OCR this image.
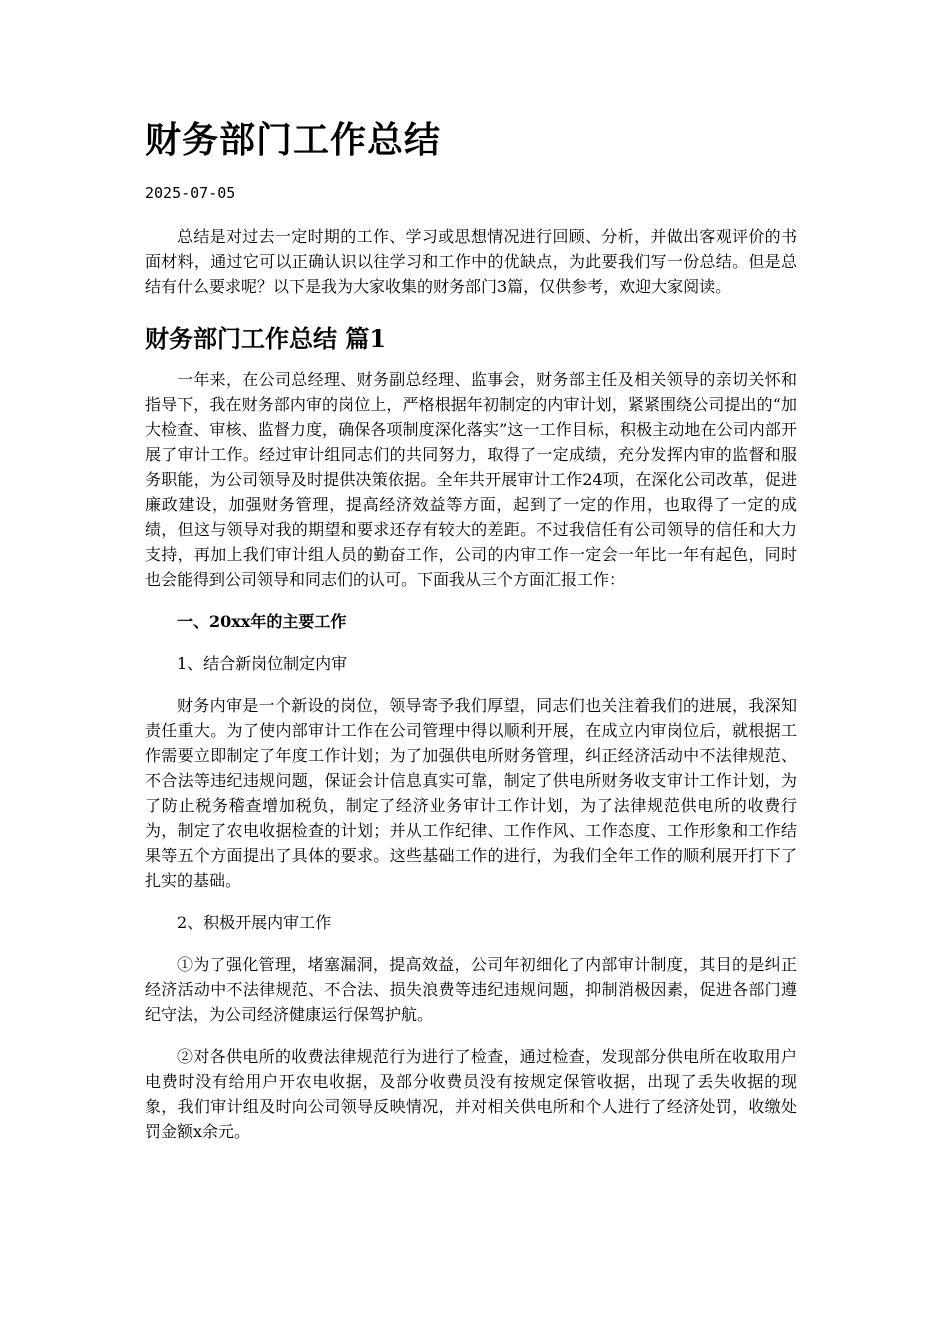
财务部门工作总结
2025-07-05

总结是对过去一定时期的工作、学习或思想情况进行回顾、分析，并做出客观评价的书面材料，通过它可以正确认识以往学习和工作中的优缺点，为此要我们写一份总结。但是总结有什么要求呢？以下是我为大家收集的财务部门3篇，仅供参考，欢迎大家阅读。

财务部门工作总结 篇1

一年来，在公司总经理、财务副总经理、监事会，财务部主任及相关领导的亲切关怀和指导下，我在财务部内审的岗位上，严格根据年初制定的内审计划，紧紧围绕公司提出的“加大检查、审核、监督力度，确保各项制度深化落实”这一工作目标，积极主动地在公司内部开展了审计工作。经过审计组同志们的共同努力，取得了一定成绩，充分发挥内审的监督和服务职能，为公司领导及时提供决策依据。全年共开展审计工作24项，在深化公司改革，促进廉政建设，加强财务管理，提高经济效益等方面，起到了一定的作用，也取得了一定的成绩，但这与领导对我的期望和要求还存有较大的差距。不过我信任有公司领导的信任和大力支持，再加上我们审计组人员的勤奋工作，公司的内审工作一定会一年比一年有起色，同时也会能得到公司领导和同志们的认可。下面我从三个方面汇报工作：

一、20xx年的主要工作
1、结合新岗位制定内审

财务内审是一个新设的岗位，领导寄予我们厚望，同志们也关注着我们的进展，我深知责任重大。为了使内部审计工作在公司管理中得以顺利开展，在成立内审岗位后，就根据工作需要立即制定了年度工作计划；为了加强供电所财务管理，纠正经济活动中不法律规范、不合法等违纪违规问题，保证会计信息真实可靠，制定了供电所财务收支审计工作计划，为了防止税务稽查增加税负，制定了经济业务审计工作计划，为了法律规范供电所的收费行为，制定了农电收据检查的计划；并从工作纪律、工作作风、工作态度、工作形象和工作结果等五个方面提出了具体的要求。这些基础工作的进行，为我们全年工作的顺利展开打下了扎实的基础。

2、积极开展内审工作

①为了强化管理，堵塞漏洞，提高效益，公司年初细化了内部审计制度，其目的是纠正经济活动中不法律规范、不合法、损失浪费等违纪违规问题，抑制消极因素，促进各部门遵纪守法，为公司经济健康运行保驾护航。

②对各供电所的收费法律规范行为进行了检查，通过检查，发现部分供电所在收取用户电费时没有给用户开农电收据，及部分收费员没有按规定保管收据，出现了丢失收据的现象，我们审计组及时向公司领导反映情况，并对相关供电所和个人进行了经济处罚，收缴处罚金额x余元。
